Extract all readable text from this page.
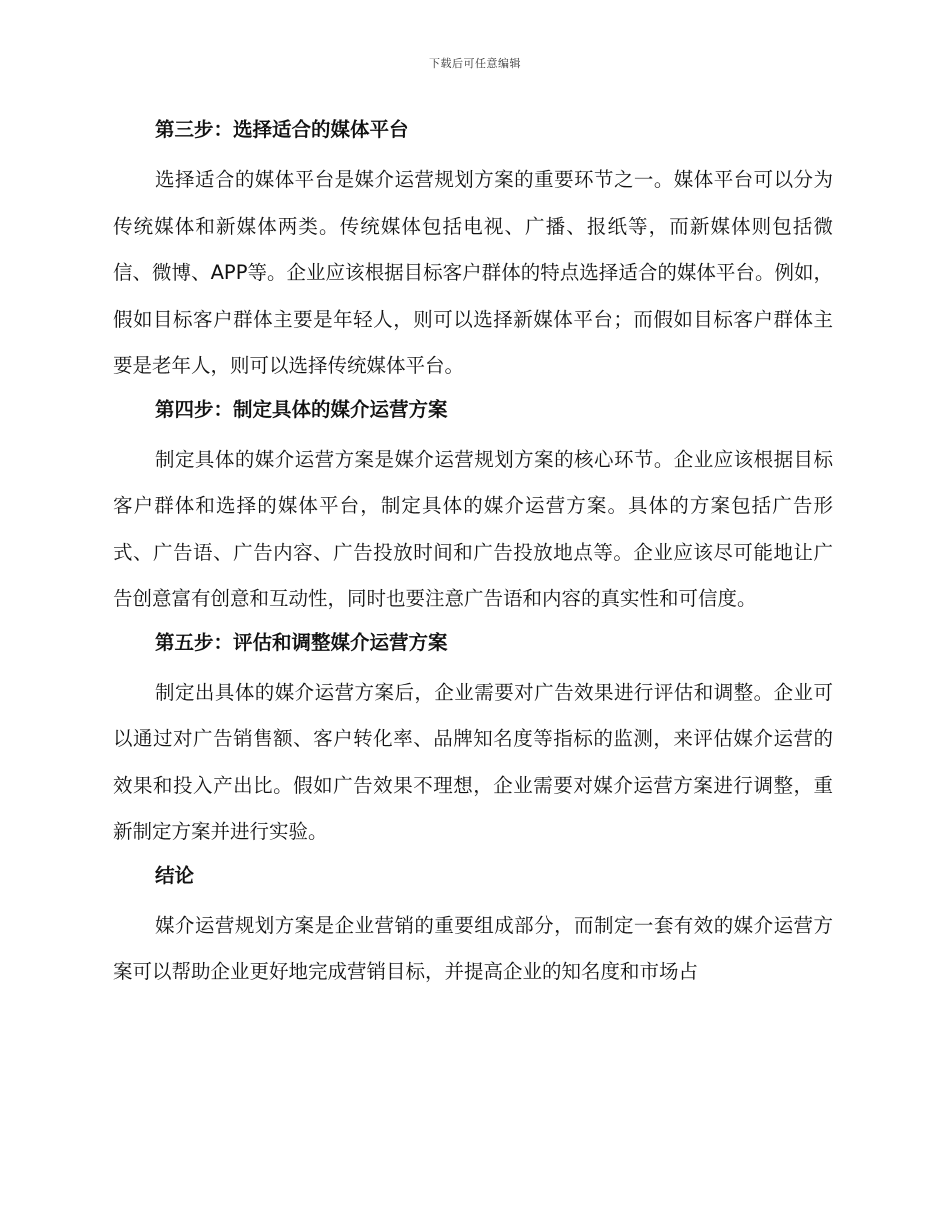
下载后可任意编辑
第三步：选择适合的媒体平台

选择适合的媒体平台是媒介运营规划方案的重要环节之一。媒体平台可以分为传统媒体和新媒体两类。传统媒体包括电视、广播、报纸等，而新媒体则包括微信、微博、APP等。企业应该根据目标客户群体的特点选择适合的媒体平台。例如，假如目标客户群体主要是年轻人，则可以选择新媒体平台；而假如目标客户群体主要是老年人，则可以选择传统媒体平台。

第四步：制定具体的媒介运营方案

制定具体的媒介运营方案是媒介运营规划方案的核心环节。企业应该根据目标客户群体和选择的媒体平台，制定具体的媒介运营方案。具体的方案包括广告形式、广告语、广告内容、广告投放时间和广告投放地点等。企业应该尽可能地让广告创意富有创意和互动性，同时也要注意广告语和内容的真实性和可信度。

第五步：评估和调整媒介运营方案

制定出具体的媒介运营方案后，企业需要对广告效果进行评估和调整。企业可以通过对广告销售额、客户转化率、品牌知名度等指标的监测，来评估媒介运营的效果和投入产出比。假如广告效果不理想，企业需要对媒介运营方案进行调整，重新制定方案并进行实验。

结论

媒介运营规划方案是企业营销的重要组成部分，而制定一套有效的媒介运营方案可以帮助企业更好地完成营销目标，并提高企业的知名度和市场占
